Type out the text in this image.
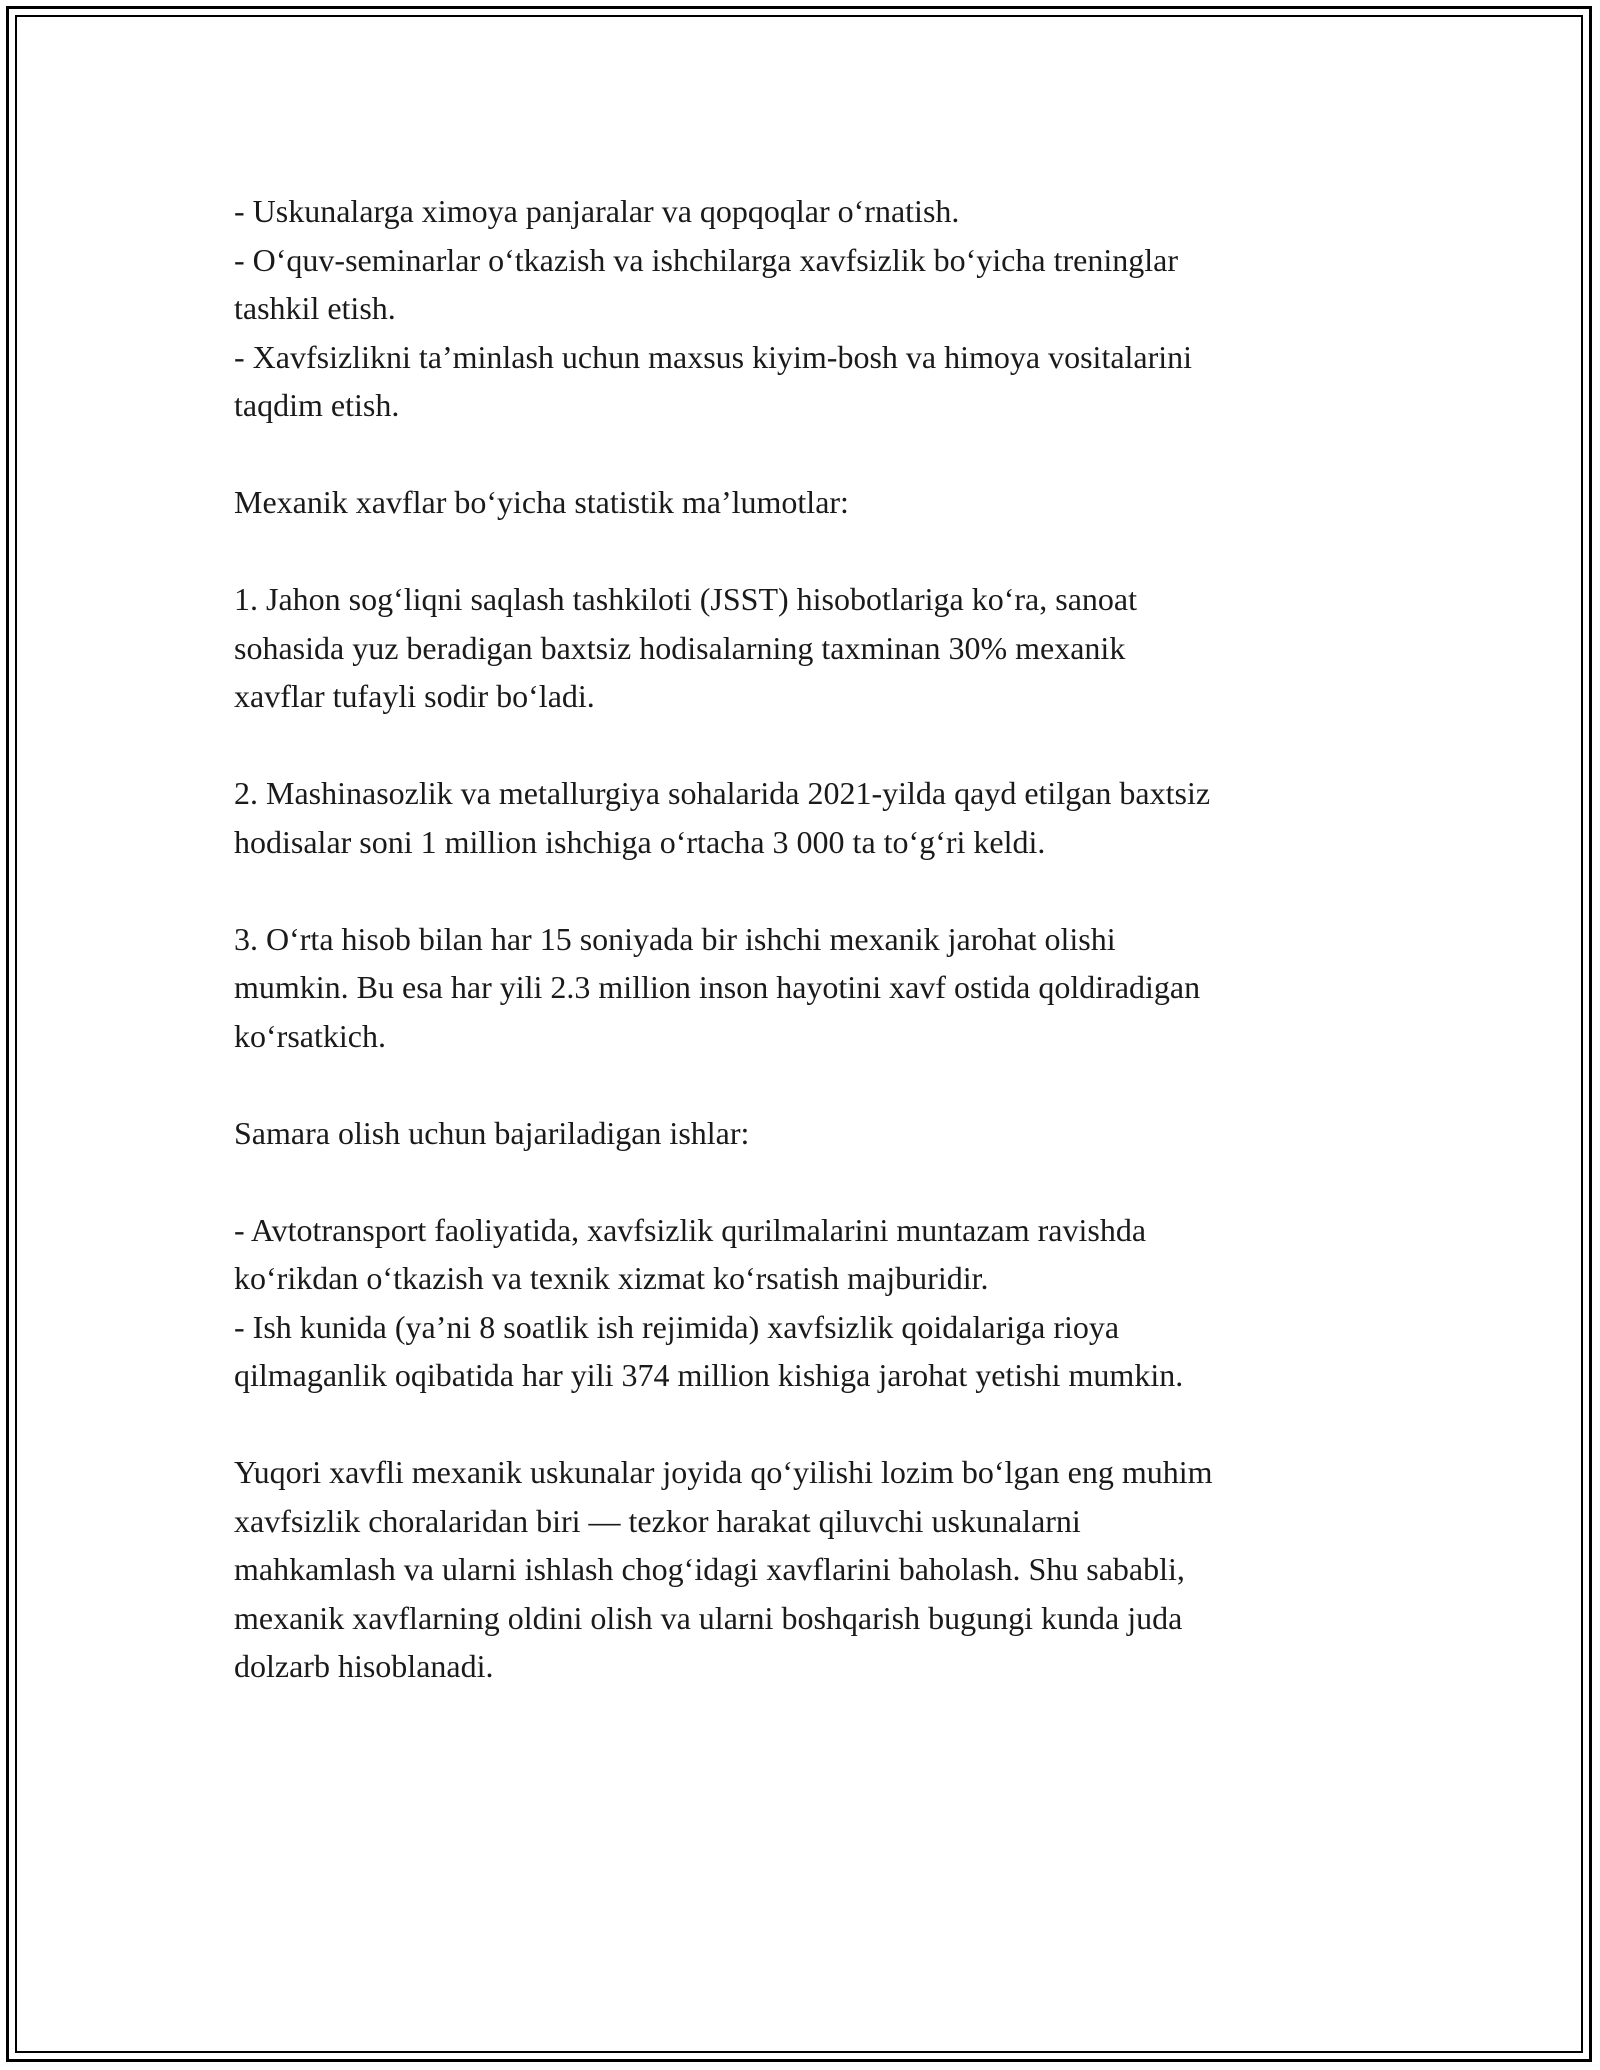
- Uskunalarga ximoya panjaralar va qopqoqlar oʻrnatish.
- Oʻquv-seminarlar oʻtkazish va ishchilarga xavfsizlik boʻyicha treninglar
tashkil etish.
- Xavfsizlikni taʼminlash uchun maxsus kiyim-bosh va himoya vositalarini
taqdim etish.

Mexanik xavflar boʻyicha statistik maʼlumotlar:

1. Jahon sogʻliqni saqlash tashkiloti (JSST) hisobotlariga koʻra, sanoat
sohasida yuz beradigan baxtsiz hodisalarning taxminan 30% mexanik
xavflar tufayli sodir boʻladi.

2. Mashinasozlik va metallurgiya sohalarida 2021-yilda qayd etilgan baxtsiz
hodisalar soni 1 million ishchiga oʻrtacha 3 000 ta toʻgʻri keldi.

3. Oʻrta hisob bilan har 15 soniyada bir ishchi mexanik jarohat olishi
mumkin. Bu esa har yili 2.3 million inson hayotini xavf ostida qoldiradigan
koʻrsatkich.

Samara olish uchun bajariladigan ishlar:

- Avtotransport faoliyatida, xavfsizlik qurilmalarini muntazam ravishda
koʻrikdan oʻtkazish va texnik xizmat koʻrsatish majburidir.
- Ish kunida (yaʼni 8 soatlik ish rejimida) xavfsizlik qoidalariga rioya
qilmaganlik oqibatida har yili 374 million kishiga jarohat yetishi mumkin.

Yuqori xavfli mexanik uskunalar joyida qoʻyilishi lozim boʻlgan eng muhim
xavfsizlik choralaridan biri — tezkor harakat qiluvchi uskunalarni
mahkamlash va ularni ishlash chogʻidagi xavflarini baholash. Shu sababli,
mexanik xavflarning oldini olish va ularni boshqarish bugungi kunda juda
dolzarb hisoblanadi.
